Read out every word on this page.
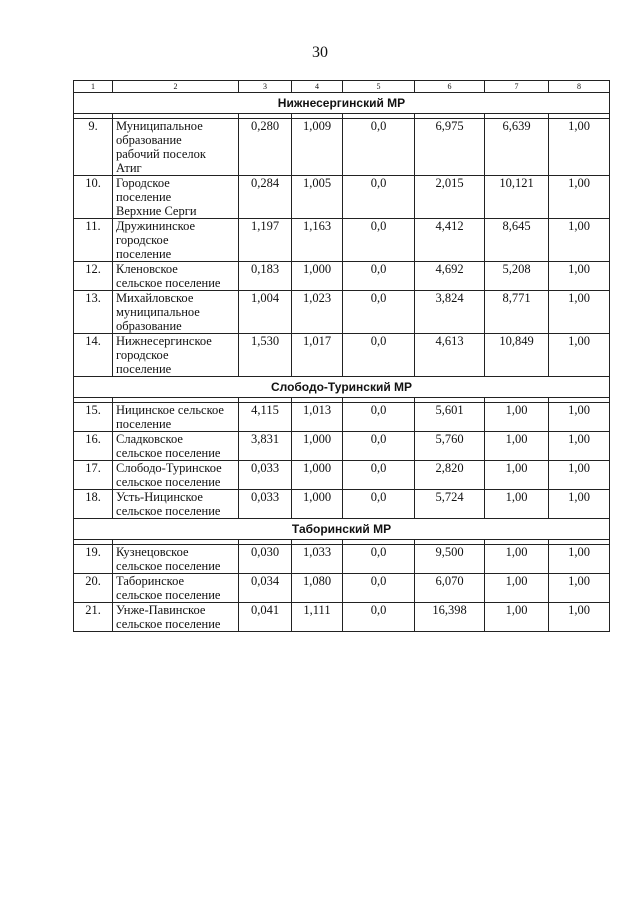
30
1	2	3	4	5	6	7	8
Нижнесергинский МР							

9.	Муниципальное
образование
рабочий поселок
Атиг	0,280	1,009	0,0	6,975	6,639	1,00
10.	Городское
поселение
Верхние Серги	0,284	1,005	0,0	2,015	10,121	1,00
11.	Дружининское
городское
поселение	1,197	1,163	0,0	4,412	8,645	1,00
12.	Кленовское
сельское поселение	0,183	1,000	0,0	4,692	5,208	1,00
13.	Михайловское
муниципальное
образование	1,004	1,023	0,0	3,824	8,771	1,00
14.	Нижнесергинское
городское
поселение	1,530	1,017	0,0	4,613	10,849	1,00
Слободо-Туринский МР							

15.	Ницинское сельское
поселение	4,115	1,013	0,0	5,601	1,00	1,00
16.	Сладковское
сельское поселение	3,831	1,000	0,0	5,760	1,00	1,00
17.	Слободо-Туринское
сельское поселение	0,033	1,000	0,0	2,820	1,00	1,00
18.	Усть-Ницинское
сельское поселение	0,033	1,000	0,0	5,724	1,00	1,00
Таборинский МР							

19.	Кузнецовское
сельское поселение	0,030	1,033	0,0	9,500	1,00	1,00
20.	Таборинское
сельское поселение	0,034	1,080	0,0	6,070	1,00	1,00
21.	Унже-Павинское
сельское поселение	0,041	1,111	0,0	16,398	1,00	1,00
